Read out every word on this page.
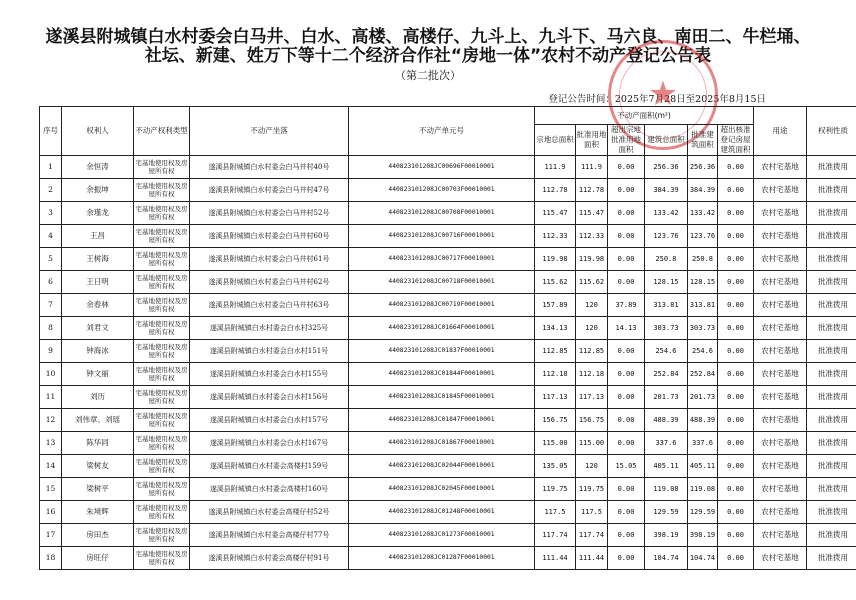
遂溪县附城镇白水村委会白马井、白水、高楼、高楼仔、九斗上、九斗下、马六良、南田二、牛栏埇、
社坛、新建、姓万下等十二个经济合作社“房地一体”农村不动产登记公告表
（第二批次）
登记公告时间：2025年7月28日至2025年8月15日
★
序号	权利人	不动产权利类型	不动产坐落	不动产单元号	不动产面积(m²)						用途	权利性质
					宗地总面积	批准用地面积	超出宗地批准用地面积	建筑总面积	批准建筑面积	超出核准登记房屋建筑面积		

1	余恒涛	宅基地使用权及房屋所有权	遂溪县附城镇白水村委会白马井村40号	440823101208JC00696F00010001	111.9	111.9	0.00	256.36	256.36	0.00	农村宅基地	批准拨用
2	余振坤	宅基地使用权及房屋所有权	遂溪县附城镇白水村委会白马井村47号	440823101208JC00703F00010001	112.78	112.78	0.00	384.39	384.39	0.00	农村宅基地	批准拨用
3	余瑾龙	宅基地使用权及房屋所有权	遂溪县附城镇白水村委会白马井村52号	440823101208JC00708F00010001	115.47	115.47	0.00	133.42	133.42	0.00	农村宅基地	批准拨用
4	王昌	宅基地使用权及房屋所有权	遂溪县附城镇白水村委会白马井村60号	440823101208JC00716F00010001	112.33	112.33	0.00	123.76	123.76	0.00	农村宅基地	批准拨用
5	王树海	宅基地使用权及房屋所有权	遂溪县附城镇白水村委会白马井村61号	440823101208JC00717F00010001	119.98	119.98	0.00	250.8	250.8	0.00	农村宅基地	批准拨用
6	王日明	宅基地使用权及房屋所有权	遂溪县附城镇白水村委会白马井村62号	440823101208JC00718F00010001	115.62	115.62	0.00	128.15	128.15	0.00	农村宅基地	批准拨用
7	余春林	宅基地使用权及房屋所有权	遂溪县附城镇白水村委会白马井村63号	440823101208JC00719F00010001	157.89	120	37.89	313.81	313.81	0.00	农村宅基地	批准拨用
8	刘君文	宅基地使用权及房屋所有权	遂溪县附城镇白水村委会白水村325号	440823101208JC01664F00010001	134.13	120	14.13	303.73	303.73	0.00	农村宅基地	批准拨用
9	钟海冰	宅基地使用权及房屋所有权	遂溪县附城镇白水村委会白水村151号	440823101208JC01837F00010001	112.85	112.85	0.00	254.6	254.6	0.00	农村宅基地	批准拨用
10	钟文丽	宅基地使用权及房屋所有权	遂溪县附城镇白水村委会白水村155号	440823101208JC01844F00010001	112.18	112.18	0.00	252.84	252.84	0.00	农村宅基地	批准拨用
11	刘历	宅基地使用权及房屋所有权	遂溪县附城镇白水村委会白水村156号	440823101208JC01845F00010001	117.13	117.13	0.00	201.73	201.73	0.00	农村宅基地	批准拨用
12	刘伟章、刘瑶	宅基地使用权及房屋所有权	遂溪县附城镇白水村委会白水村157号	440823101208JC01847F00010001	156.75	156.75	0.00	488.39	488.39	0.00	农村宅基地	批准拨用
13	陈华同	宅基地使用权及房屋所有权	遂溪县附城镇白水村委会白水村167号	440823101208JC01867F00010001	115.00	115.00	0.00	337.6	337.6	0.00	农村宅基地	批准拨用
14	梁树友	宅基地使用权及房屋所有权	遂溪县附城镇白水村委会高楼村159号	440823101208JC02044F00010001	135.05	120	15.05	405.11	405.11	0.00	农村宅基地	批准拨用
15	梁树平	宅基地使用权及房屋所有权	遂溪县附城镇白水村委会高楼村160号	440823101208JC02045F00010001	119.75	119.75	0.00	119.08	119.08	0.00	农村宅基地	批准拨用
16	朱境辉	宅基地使用权及房屋所有权	遂溪县附城镇白水村委会高楼仔村52号	440823101208JC01248F00010001	117.5	117.5	0.00	129.59	129.59	0.00	农村宅基地	批准拨用
17	房田杰	宅基地使用权及房屋所有权	遂溪县附城镇白水村委会高楼仔村77号	440823101208JC01273F00010001	117.74	117.74	0.00	398.19	398.19	0.00	农村宅基地	批准拨用
18	房旺仔	宅基地使用权及房屋所有权	遂溪县附城镇白水村委会高楼仔村91号	440823101208JC01287F00010001	111.44	111.44	0.00	104.74	104.74	0.00	农村宅基地	批准拨用
